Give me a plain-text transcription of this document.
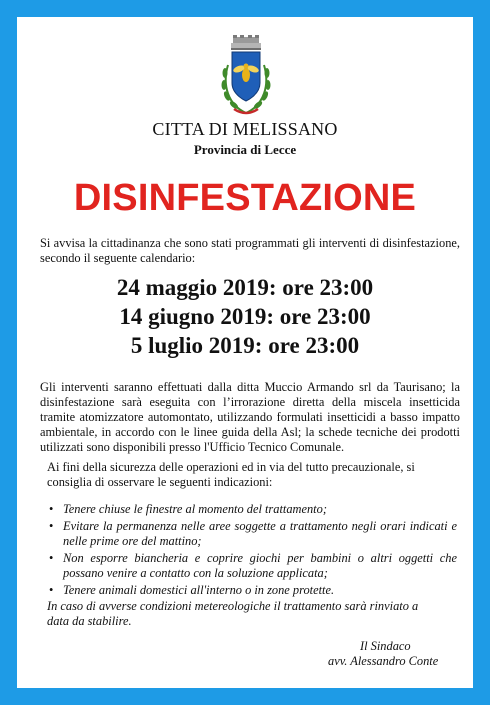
CITTA DI MELISSANO
Provincia di Lecce
DISINFESTAZIONE
Si avvisa la cittadinanza che sono stati programmati gli interventi di disinfestazione, secondo il seguente calendario:
24 maggio 2019: ore 23:00
14 giugno 2019: ore 23:00
5 luglio 2019: ore 23:00
Gli interventi saranno effettuati dalla ditta Muccio Armando srl da Taurisano; la disinfestazione sarà eseguita con l’irrorazione diretta della miscela insetticida tramite atomizzatore automontato, utilizzando formulati insetticidi a basso impatto ambientale, in accordo con le linee guida della Asl; la schede tecniche dei prodotti utilizzati sono disponibili presso l'Ufficio Tecnico Comunale.
Ai fini della sicurezza delle operazioni ed in via del tutto precauzionale, si consiglia di osservare le seguenti indicazioni:
• Tenere chiuse le finestre al momento del trattamento;
• Evitare la permanenza nelle aree soggette a trattamento negli orari indicati e nelle prime ore del mattino;
• Non esporre biancheria e coprire giochi per bambini o altri oggetti che possano venire a contatto con la soluzione applicata;
• Tenere animali domestici all'interno o in zone protette.
In caso di avverse condizioni metereologiche il trattamento sarà rinviato a data da stabilire.
Il Sindaco
avv. Alessandro Conte
